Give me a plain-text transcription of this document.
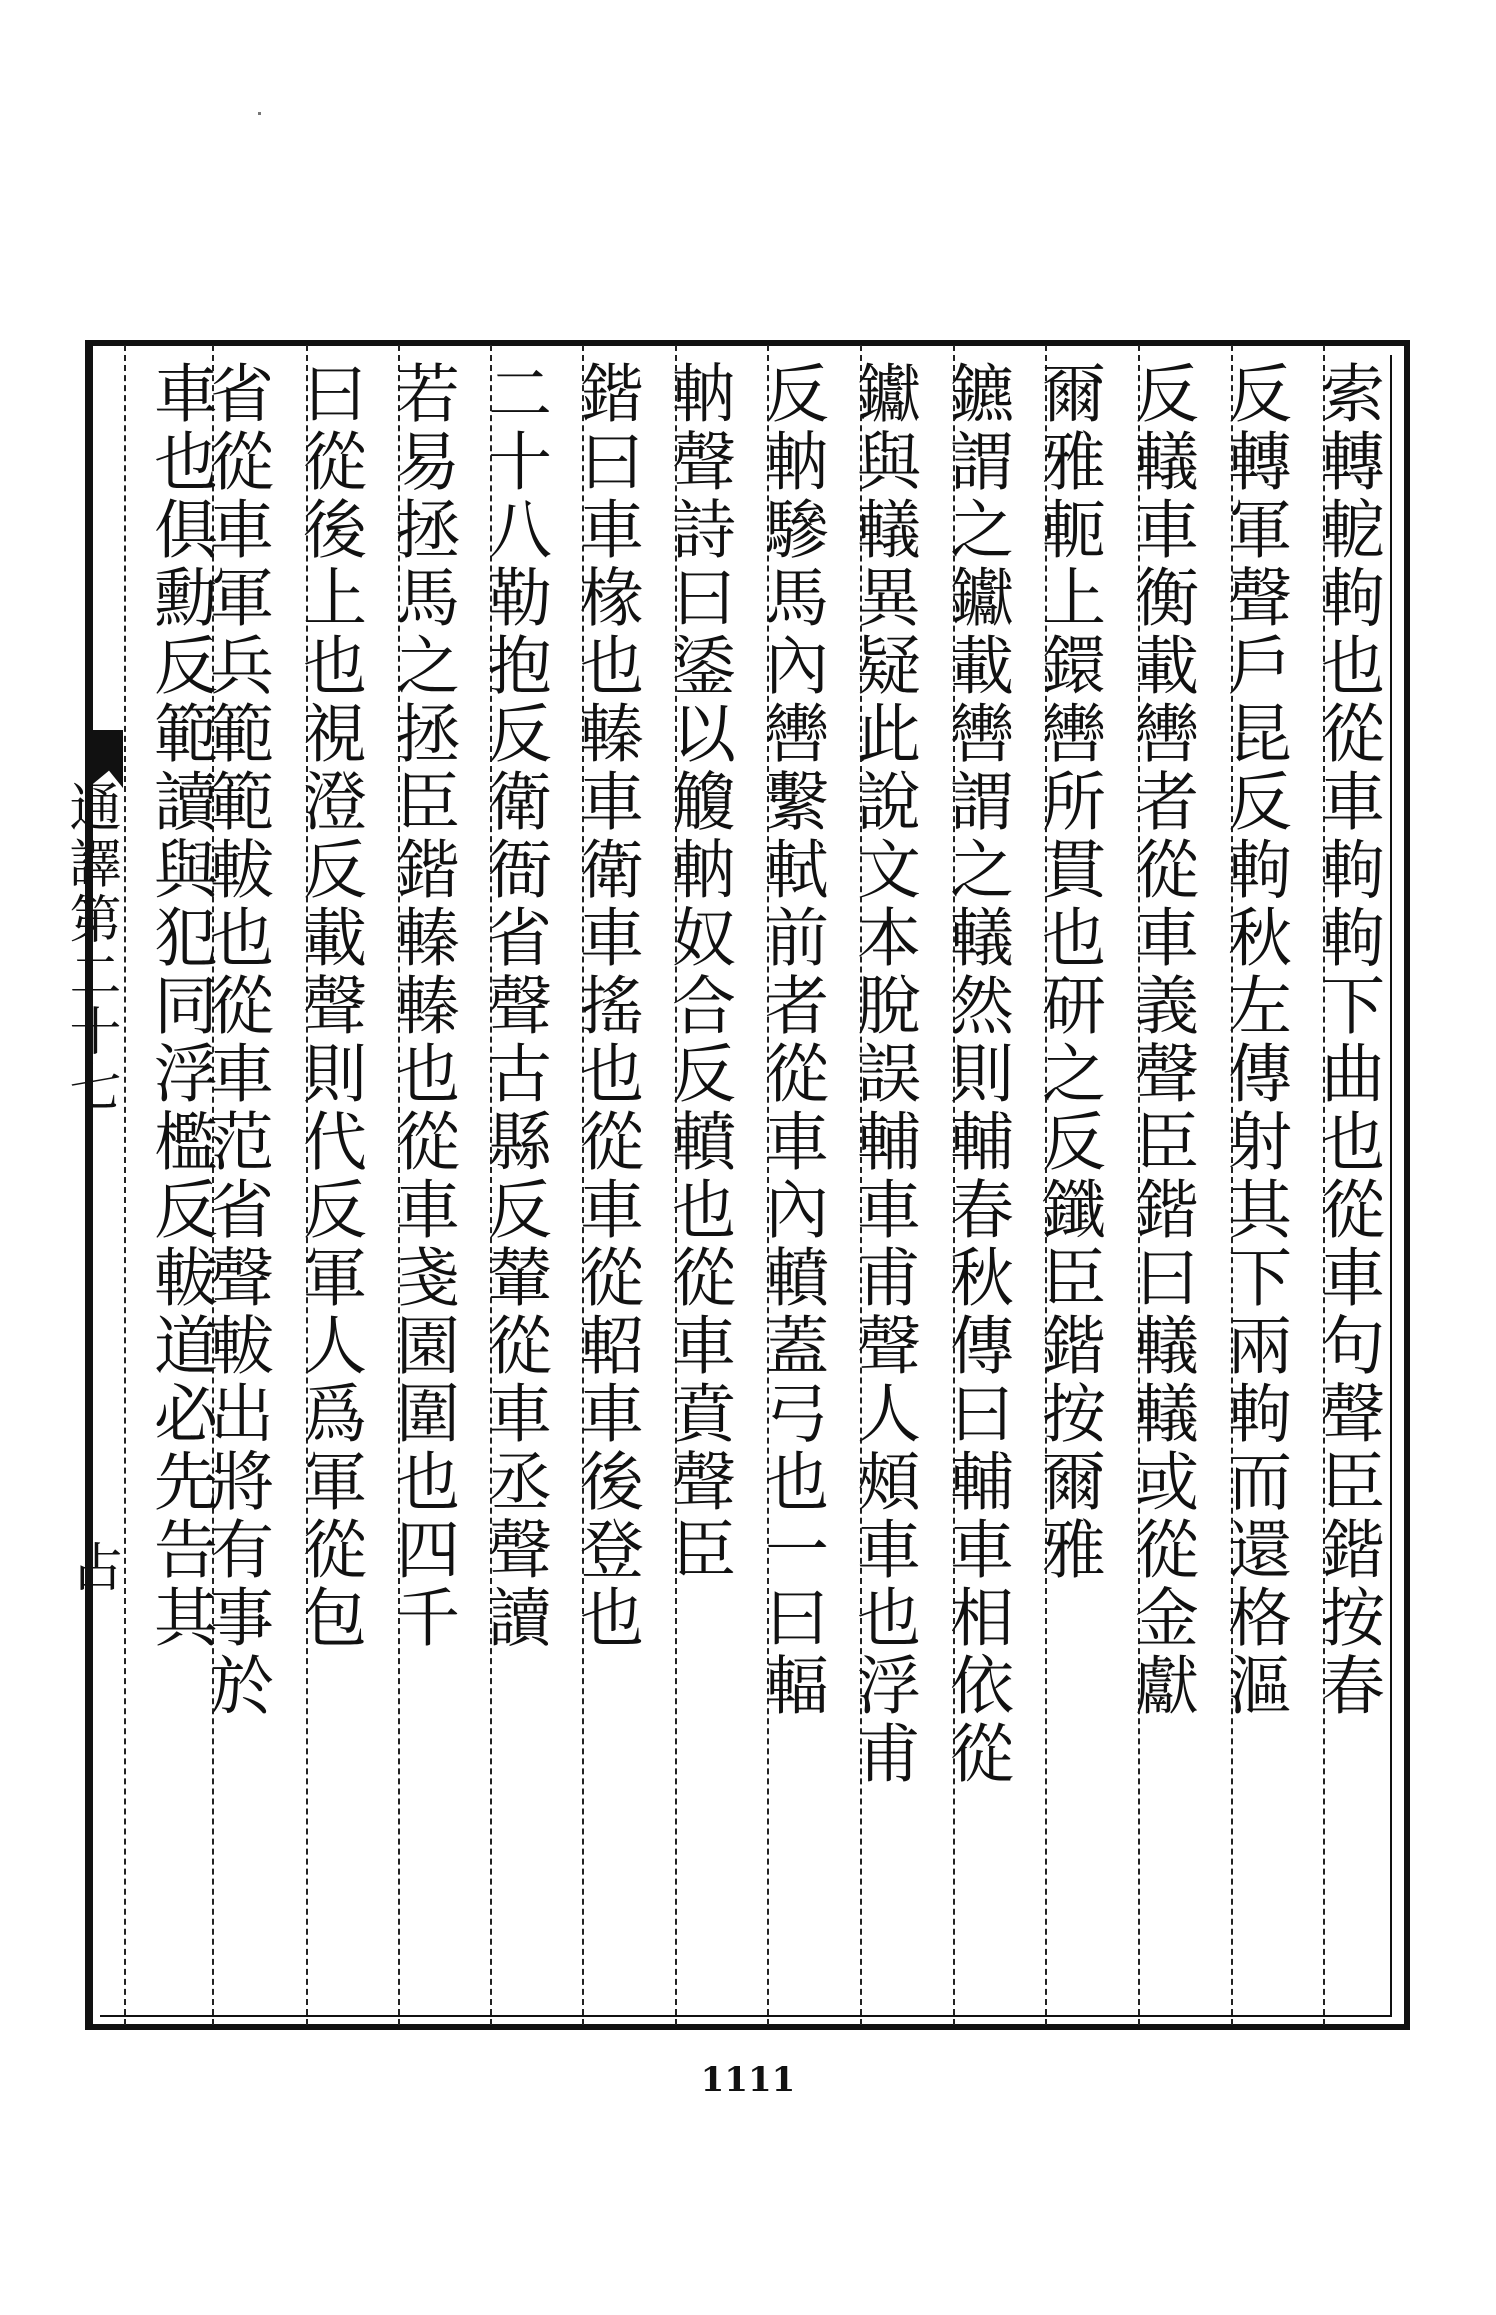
通譯第二十七
占	索轉軶軥也從車軥軥下曲也從車句聲臣鍇按春
反轉軍聲戶昆反軥秋左傳射其下兩軥而還格漚
反轙車衡載轡者從車義聲臣鍇曰轙轙或從金獻
爾雅軛上鐶轡所貫也研之反鑯臣鍇按爾雅
鑣謂之钀載轡謂之轙然則輔春秋傳曰輔車相依從
钀與轙異疑此說文本脫誤輔車甫聲人頰車也浮甫
反軜驂馬內轡繫軾前者從車內轒蓋弓也一曰輻
軜聲詩曰鋈以觼軜奴合反轒也從車賁聲臣
鍇曰車椽也轃車衛車搖也從車從軺車後登也
二十八勒抱反衛衙省聲古縣反輦從車丞聲讀
若易拯馬之拯臣鍇轃轃也從車戔園圍也四千
曰從後上也視澄反載聲則代反軍人爲軍從包
省從車軍兵範範軷也從車范省聲軷出將有事於
車也俱勳反範讀與犯同浮檻反軷道必先告其
1111
